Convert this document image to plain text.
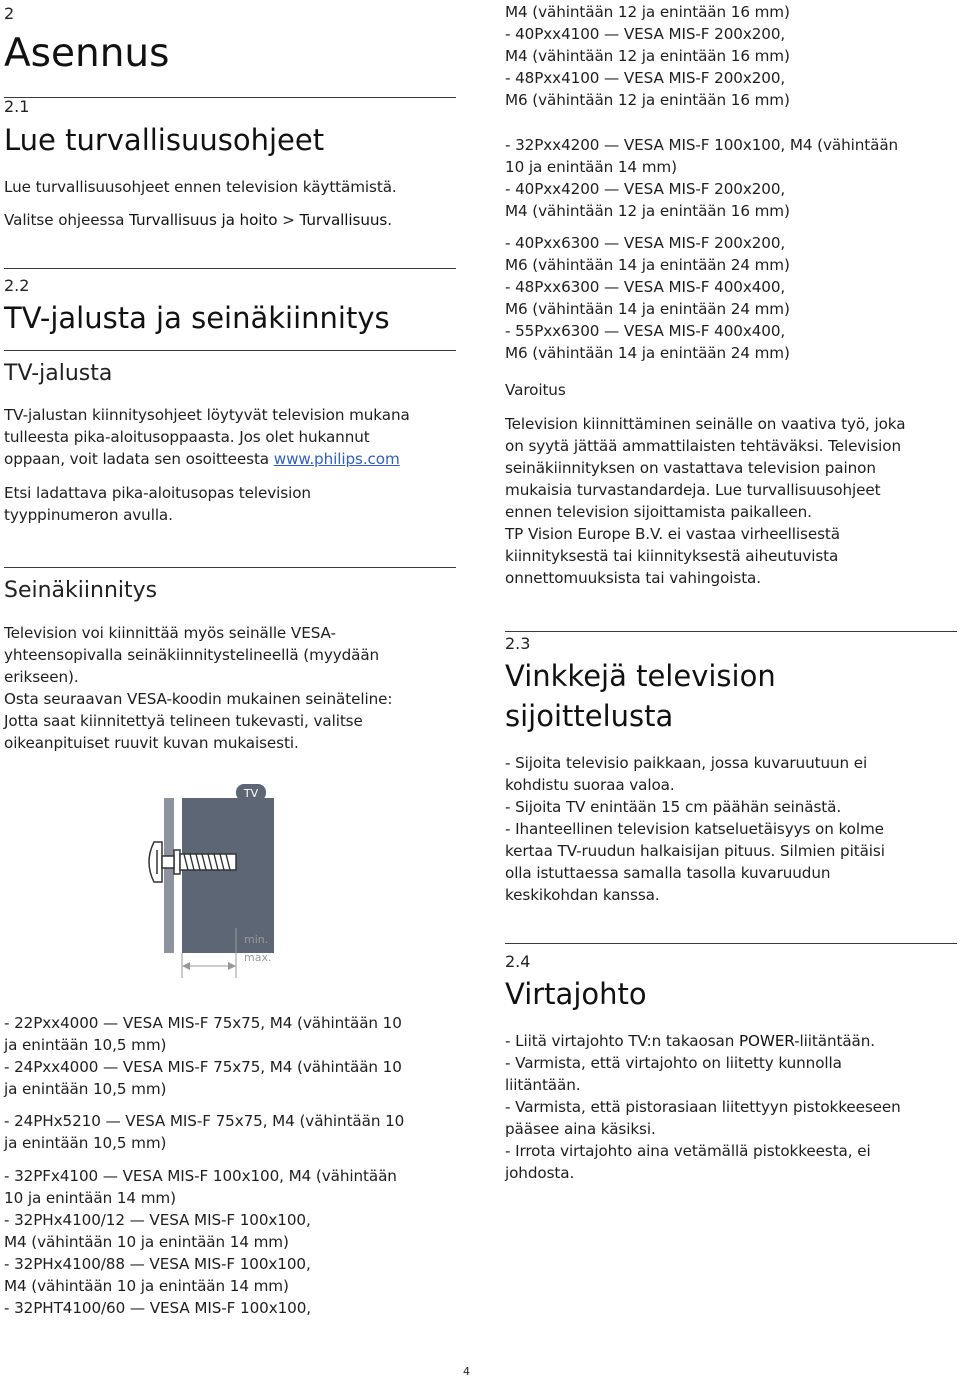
2
Asennus
2.1
Lue turvallisuusohjeet
Lue turvallisuusohjeet ennen television käyttämistä.
Valitse ohjeessa Turvallisuus ja hoito > Turvallisuus.
2.2
TV-jalusta ja seinäkiinnitys
TV-jalusta
TV-jalustan kiinnitysohjeet löytyvät television mukana
tulleesta pika-aloitusoppaasta. Jos olet hukannut
oppaan, voit ladata sen osoitteesta www.philips.com
Etsi ladattava pika-aloitusopas television
tyyppinumeron avulla.
Seinäkiinnitys
Television voi kiinnittää myös seinälle VESA-
yhteensopivalla seinäkiinnitystelineellä (myydään
erikseen).
Osta seuraavan VESA-koodin mukainen seinäteline:
Jotta saat kiinnitettyä telineen tukevasti, valitse
oikeanpituiset ruuvit kuvan mukaisesti.
TV
min.
max.
- 22Pxx4000 — VESA MIS-F 75x75, M4 (vähintään 10
ja enintään 10,5 mm)
- 24Pxx4000 — VESA MIS-F 75x75, M4 (vähintään 10
ja enintään 10,5 mm)
- 24PHx5210 — VESA MIS-F 75x75, M4 (vähintään 10
ja enintään 10,5 mm)
- 32PFx4100 — VESA MIS-F 100x100, M4 (vähintään
10 ja enintään 14 mm)
- 32PHx4100/12 — VESA MIS-F 100x100,
M4 (vähintään 10 ja enintään 14 mm)
- 32PHx4100/88 — VESA MIS-F 100x100,
M4 (vähintään 10 ja enintään 14 mm)
- 32PHT4100/60 — VESA MIS-F 100x100,
M4 (vähintään 12 ja enintään 16 mm)
- 40Pxx4100 — VESA MIS-F 200x200,
M4 (vähintään 12 ja enintään 16 mm)
- 48Pxx4100 — VESA MIS-F 200x200,
M6 (vähintään 12 ja enintään 16 mm)
- 32Pxx4200 — VESA MIS-F 100x100, M4 (vähintään
10 ja enintään 14 mm)
- 40Pxx4200 — VESA MIS-F 200x200,
M4 (vähintään 12 ja enintään 16 mm)
- 40Pxx6300 — VESA MIS-F 200x200,
M6 (vähintään 14 ja enintään 24 mm)
- 48Pxx6300 — VESA MIS-F 400x400,
M6 (vähintään 14 ja enintään 24 mm)
- 55Pxx6300 — VESA MIS-F 400x400,
M6 (vähintään 14 ja enintään 24 mm)
Varoitus
Television kiinnittäminen seinälle on vaativa työ, joka
on syytä jättää ammattilaisten tehtäväksi. Television
seinäkiinnityksen on vastattava television painon
mukaisia turvastandardeja. Lue turvallisuusohjeet
ennen television sijoittamista paikalleen.
TP Vision Europe B.V. ei vastaa virheellisestä
kiinnityksestä tai kiinnityksestä aiheutuvista
onnettomuuksista tai vahingoista.
2.3
Vinkkejä television
sijoittelusta
- Sijoita televisio paikkaan, jossa kuvaruutuun ei
kohdistu suoraa valoa.
- Sijoita TV enintään 15 cm päähän seinästä.
- Ihanteellinen television katseluetäisyys on kolme
kertaa TV-ruudun halkaisijan pituus. Silmien pitäisi
olla istuttaessa samalla tasolla kuvaruudun
keskikohdan kanssa.
2.4
Virtajohto
- Liitä virtajohto TV:n takaosan POWER-liitäntään.
- Varmista, että virtajohto on liitetty kunnolla
liitäntään.
- Varmista, että pistorasiaan liitettyyn pistokkeeseen
pääsee aina käsiksi.
- Irrota virtajohto aina vetämällä pistokkeesta, ei
johdosta.
4
